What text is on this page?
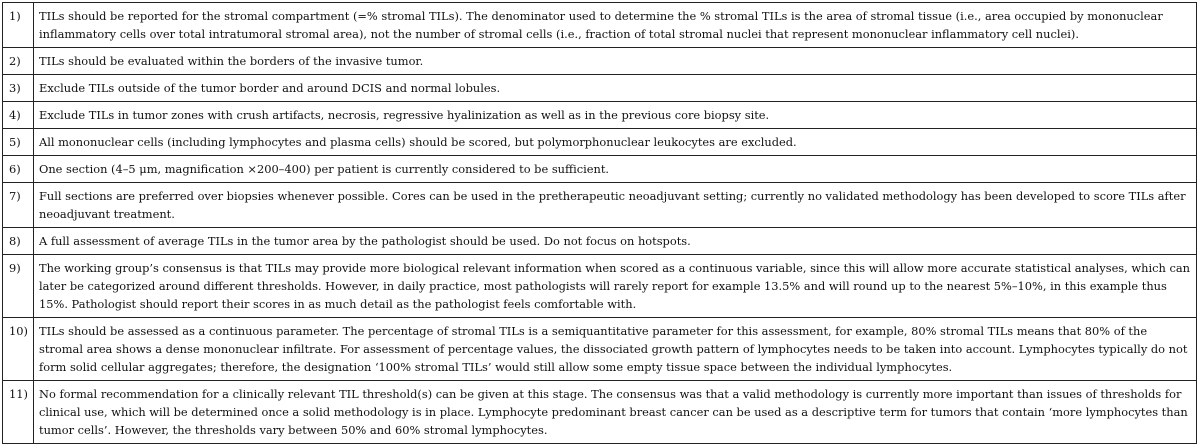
1)	TILs should be reported for the stromal compartment (=% stromal TILs). The denominator used to determine the % stromal TILs is the area of stromal tissue (i.e., area occupied by mononuclear inflammatory cells over total intratumoral stromal area), not the number of stromal cells (i.e., fraction of total stromal nuclei that represent mononuclear inflammatory cell nuclei).
2)	TILs should be evaluated within the borders of the invasive tumor.
3)	Exclude TILs outside of the tumor border and around DCIS and normal lobules.
4)	Exclude TILs in tumor zones with crush artifacts, necrosis, regressive hyalinization as well as in the previous core biopsy site.
5)	All mononuclear cells (including lymphocytes and plasma cells) should be scored, but polymorphonuclear leukocytes are excluded.
6)	One section (4–5 μm, magnification ×200–400) per patient is currently considered to be sufficient.
7)	Full sections are preferred over biopsies whenever possible. Cores can be used in the pretherapeutic neoadjuvant setting; currently no validated methodology has been developed to score TILs after neoadjuvant treatment.
8)	A full assessment of average TILs in the tumor area by the pathologist should be used. Do not focus on hotspots.
9)	The working group’s consensus is that TILs may provide more biological relevant information when scored as a continuous variable, since this will allow more accurate statistical analyses, which can later be categorized around different thresholds. However, in daily practice, most pathologists will rarely report for example 13.5% and will round up to the nearest 5%–10%, in this example thus 15%. Pathologist should report their scores in as much detail as the pathologist feels comfortable with.
10)	TILs should be assessed as a continuous parameter. The percentage of stromal TILs is a semiquantitative parameter for this assessment, for example, 80% stromal TILs means that 80% of the stromal area shows a dense mononuclear infiltrate. For assessment of percentage values, the dissociated growth pattern of lymphocytes needs to be taken into account. Lymphocytes typically do not form solid cellular aggregates; therefore, the designation ‘100% stromal TILs’ would still allow some empty tissue space between the individual lymphocytes.
11)	No formal recommendation for a clinically relevant TIL threshold(s) can be given at this stage. The consensus was that a valid methodology is currently more important than issues of thresholds for clinical use, which will be determined once a solid methodology is in place. Lymphocyte predominant breast cancer can be used as a descriptive term for tumors that contain ‘more lymphocytes than tumor cells’. However, the thresholds vary between 50% and 60% stromal lymphocytes.
